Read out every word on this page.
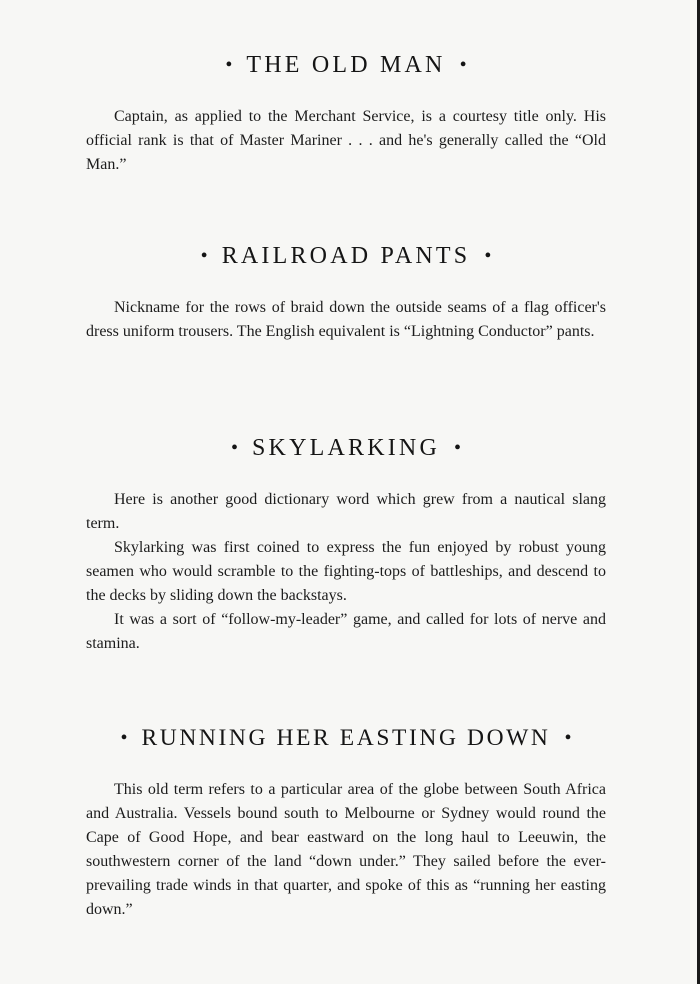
• THE OLD MAN •

Captain, as applied to the Merchant Service, is a courtesy title only. His official rank is that of Master Mariner . . . and he's generally called the “Old Man.”

• RAILROAD PANTS •

Nickname for the rows of braid down the outside seams of a flag officer's dress uniform trousers. The English equivalent is “Lightning Conductor” pants.

• SKYLARKING •

Here is another good dictionary word which grew from a nautical slang term.

Skylarking was first coined to express the fun enjoyed by robust young seamen who would scramble to the fighting-tops of battleships, and descend to the decks by sliding down the backstays.

It was a sort of “follow-my-leader” game, and called for lots of nerve and stamina.

• RUNNING HER EASTING DOWN •

This old term refers to a particular area of the globe between South Africa and Australia. Vessels bound south to Melbourne or Sydney would round the Cape of Good Hope, and bear eastward on the long haul to Leeuwin, the southwestern corner of the land “down under.” They sailed before the ever-prevailing trade winds in that quarter, and spoke of this as “running her easting down.”
